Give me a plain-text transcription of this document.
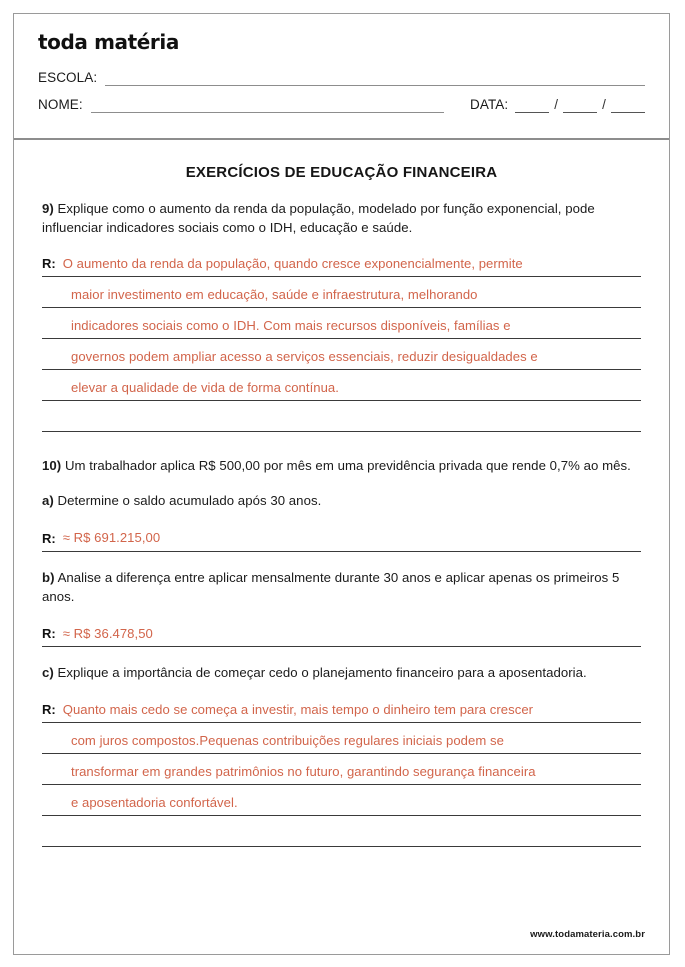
toda matéria
ESCOLA:
NOME:	DATA:	/	/
EXERCÍCIOS DE EDUCAÇÃO FINANCEIRA
9) Explique como o aumento da renda da população, modelado por função exponencial, pode influenciar indicadores sociais como o IDH, educação e saúde.
R: O aumento da renda da população, quando cresce exponencialmente, permite
maior investimento em educação, saúde e infraestrutura, melhorando
indicadores sociais como o IDH. Com mais recursos disponíveis, famílias e
governos podem ampliar acesso a serviços essenciais, reduzir desigualdades e
elevar a qualidade de vida de forma contínua.
10) Um trabalhador aplica R$ 500,00 por mês em uma previdência privada que rende 0,7% ao mês.
a) Determine o saldo acumulado após 30 anos.
R: ≈ R$ 691.215,00
b) Analise a diferença entre aplicar mensalmente durante 30 anos e aplicar apenas os primeiros 5 anos.
R: ≈ R$ 36.478,50
c) Explique a importância de começar cedo o planejamento financeiro para a aposentadoria.
R: Quanto mais cedo se começa a investir, mais tempo o dinheiro tem para crescer
com juros compostos.Pequenas contribuições regulares iniciais podem se
transformar em grandes patrimônios no futuro, garantindo segurança financeira
e aposentadoria confortável.
www.todamateria.com.br
